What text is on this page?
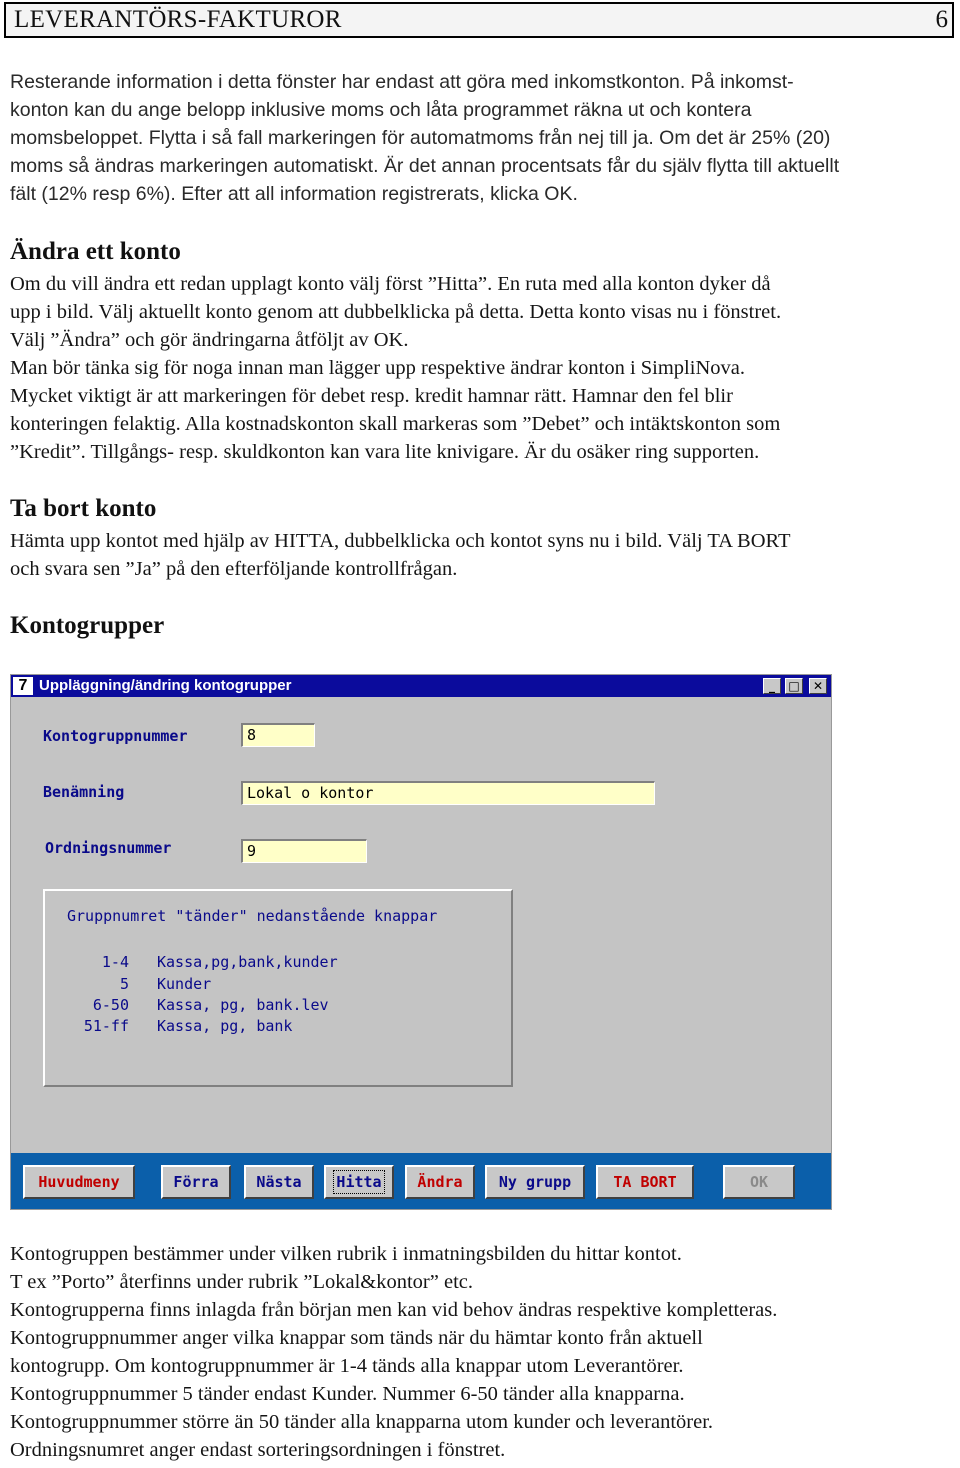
LEVERANTÖRS-FAKTUROR	6
Resterande information i detta fönster har endast att göra med inkomstkonton. På inkomst-
konton kan du ange belopp inklusive moms och låta programmet räkna ut och kontera
momsbeloppet. Flytta i så fall markeringen för automatmoms från nej till ja. Om det är 25% (20)
moms så ändras markeringen automatiskt. Är det annan procentsats får du själv flytta till aktuellt
fält (12% resp 6%). Efter att all information registrerats, klicka OK.
Ändra ett konto
Om du vill ändra ett redan upplagt konto välj först ”Hitta”. En ruta med alla konton dyker då
upp i bild. Välj aktuellt konto genom att dubbelklicka på detta. Detta konto visas nu i fönstret.
Välj ”Ändra” och gör ändringarna åtföljt av OK.
Man bör tänka sig för noga innan man lägger upp respektive ändrar konton i SimpliNova.
Mycket viktigt är att markeringen för debet resp. kredit hamnar rätt. Hamnar den fel blir
konteringen felaktig. Alla kostnadskonton skall markeras som ”Debet” och intäktskonton som
”Kredit”. Tillgångs- resp. skuldkonton kan vara lite knivigare. Är du osäker ring supporten.
Ta bort konto
Hämta upp kontot med hjälp av HITTA, dubbelklicka och kontot syns nu i bild. Välj TA BORT
och svara sen ”Ja” på den efterföljande kontrollfrågan.
Kontogrupper
7 Uppläggning/ändring kontogrupper	_	□	✕
Kontogruppnummer	8
Benämning	Lokal o kontor
Ordningsnummer	9
Gruppnumret "tänder" nedanstående knappar
1-4 Kassa,pg,bank,kunder
5 Kunder
6-50 Kassa, pg, bank.lev
51-ff Kassa, pg, bank
Huvudmeny	Förra	Nästa	Hitta	Ändra	Ny grupp	TA BORT	OK
Kontogruppen bestämmer under vilken rubrik i inmatningsbilden du hittar kontot.
T ex ”Porto” återfinns under rubrik ”Lokal&kontor” etc.
Kontogrupperna finns inlagda från början men kan vid behov ändras respektive kompletteras.
Kontogruppnummer anger vilka knappar som tänds när du hämtar konto från aktuell
kontogrupp. Om kontogruppnummer är 1-4 tänds alla knappar utom Leverantörer.
Kontogruppnummer 5 tänder endast Kunder. Nummer 6-50 tänder alla knapparna.
Kontogruppnummer större än 50 tänder alla knapparna utom kunder och leverantörer.
Ordningsnumret anger endast sorteringsordningen i fönstret.
